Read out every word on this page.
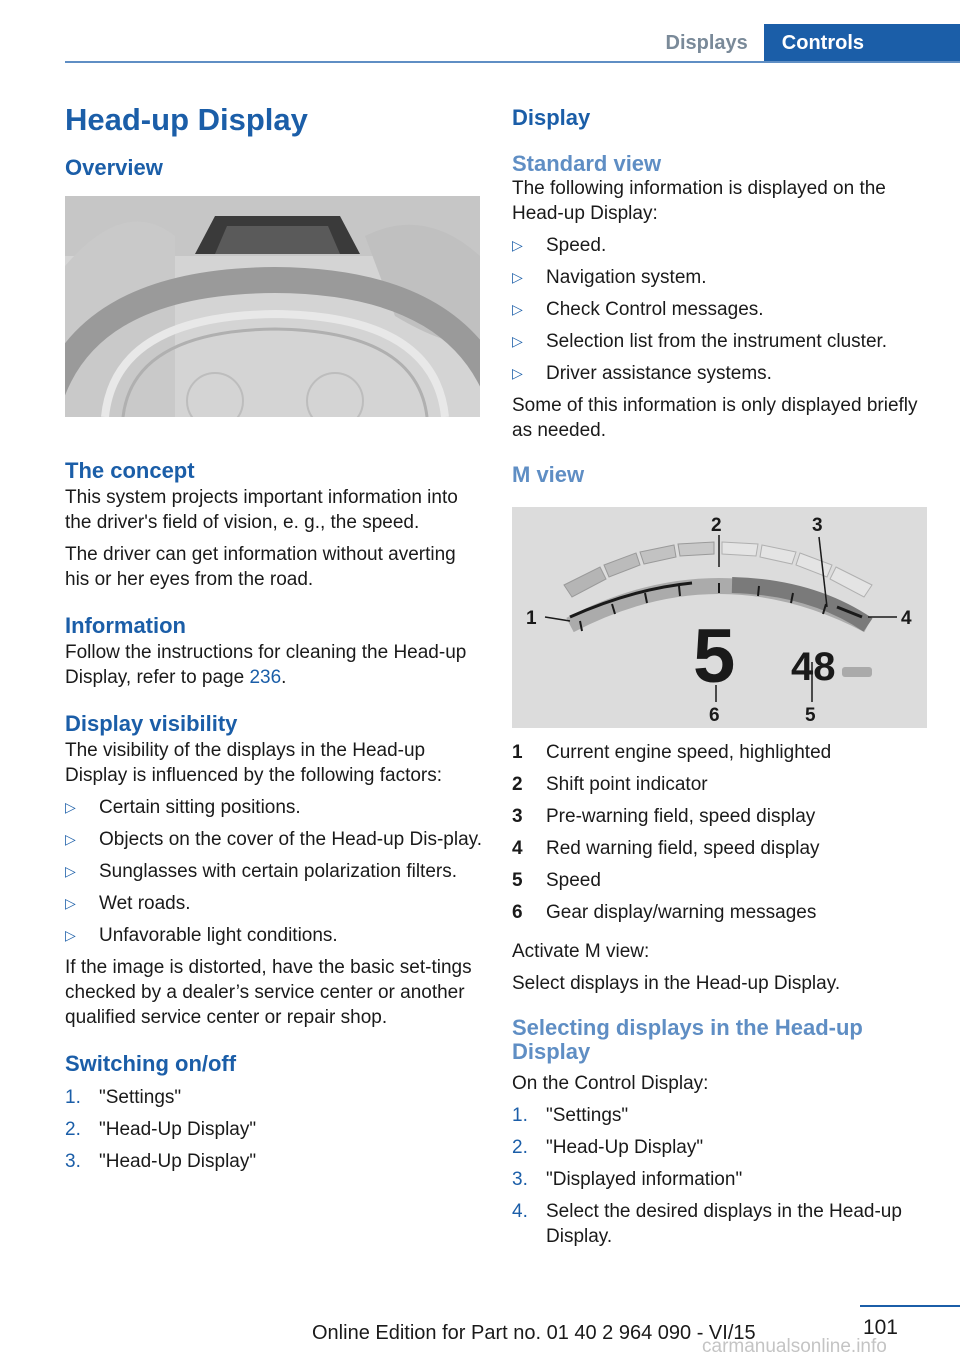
Displays	Controls
Head-up Display
Overview
The concept

This system projects important information into the driver's field of vision, e. g., the speed.

The driver can get information without averting his or her eyes from the road.

Information

Follow the instructions for cleaning the Head-up Display, refer to page 236.

Display visibility

The visibility of the displays in the Head-up Display is influenced by the following factors:

▷ Certain sitting positions.
▷ Objects on the cover of the Head-up Dis-play.
▷ Sunglasses with certain polarization filters.
▷ Wet roads.
▷ Unfavorable light conditions.

If the image is distorted, have the basic set-tings checked by a dealer’s service center or another qualified service center or repair shop.

Switching on/off
1. "Settings"
2. "Head-Up Display"
3. "Head-Up Display"
Display
Standard view

The following information is displayed on the Head-up Display:

▷ Speed.
▷ Navigation system.
▷ Check Control messages.
▷ Selection list from the instrument cluster.
▷ Driver assistance systems.

Some of this information is only displayed briefly as needed.

M view
1
2	3
4
5
6
5 48
1	Current engine speed, highlighted
2	Shift point indicator
3	Pre-warning field, speed display
4	Red warning field, speed display
5	Speed
6	Gear display/warning messages

Activate M view:

Select displays in the Head-up Display.

Selecting displays in the Head-up Display

On the Control Display:

1. "Settings"
2. "Head-Up Display"
3. "Displayed information"
4. Select the desired displays in the Head-up Display.
101
Online Edition for Part no. 01 40 2 964 090 - VI/15
carmanualsonline.info
